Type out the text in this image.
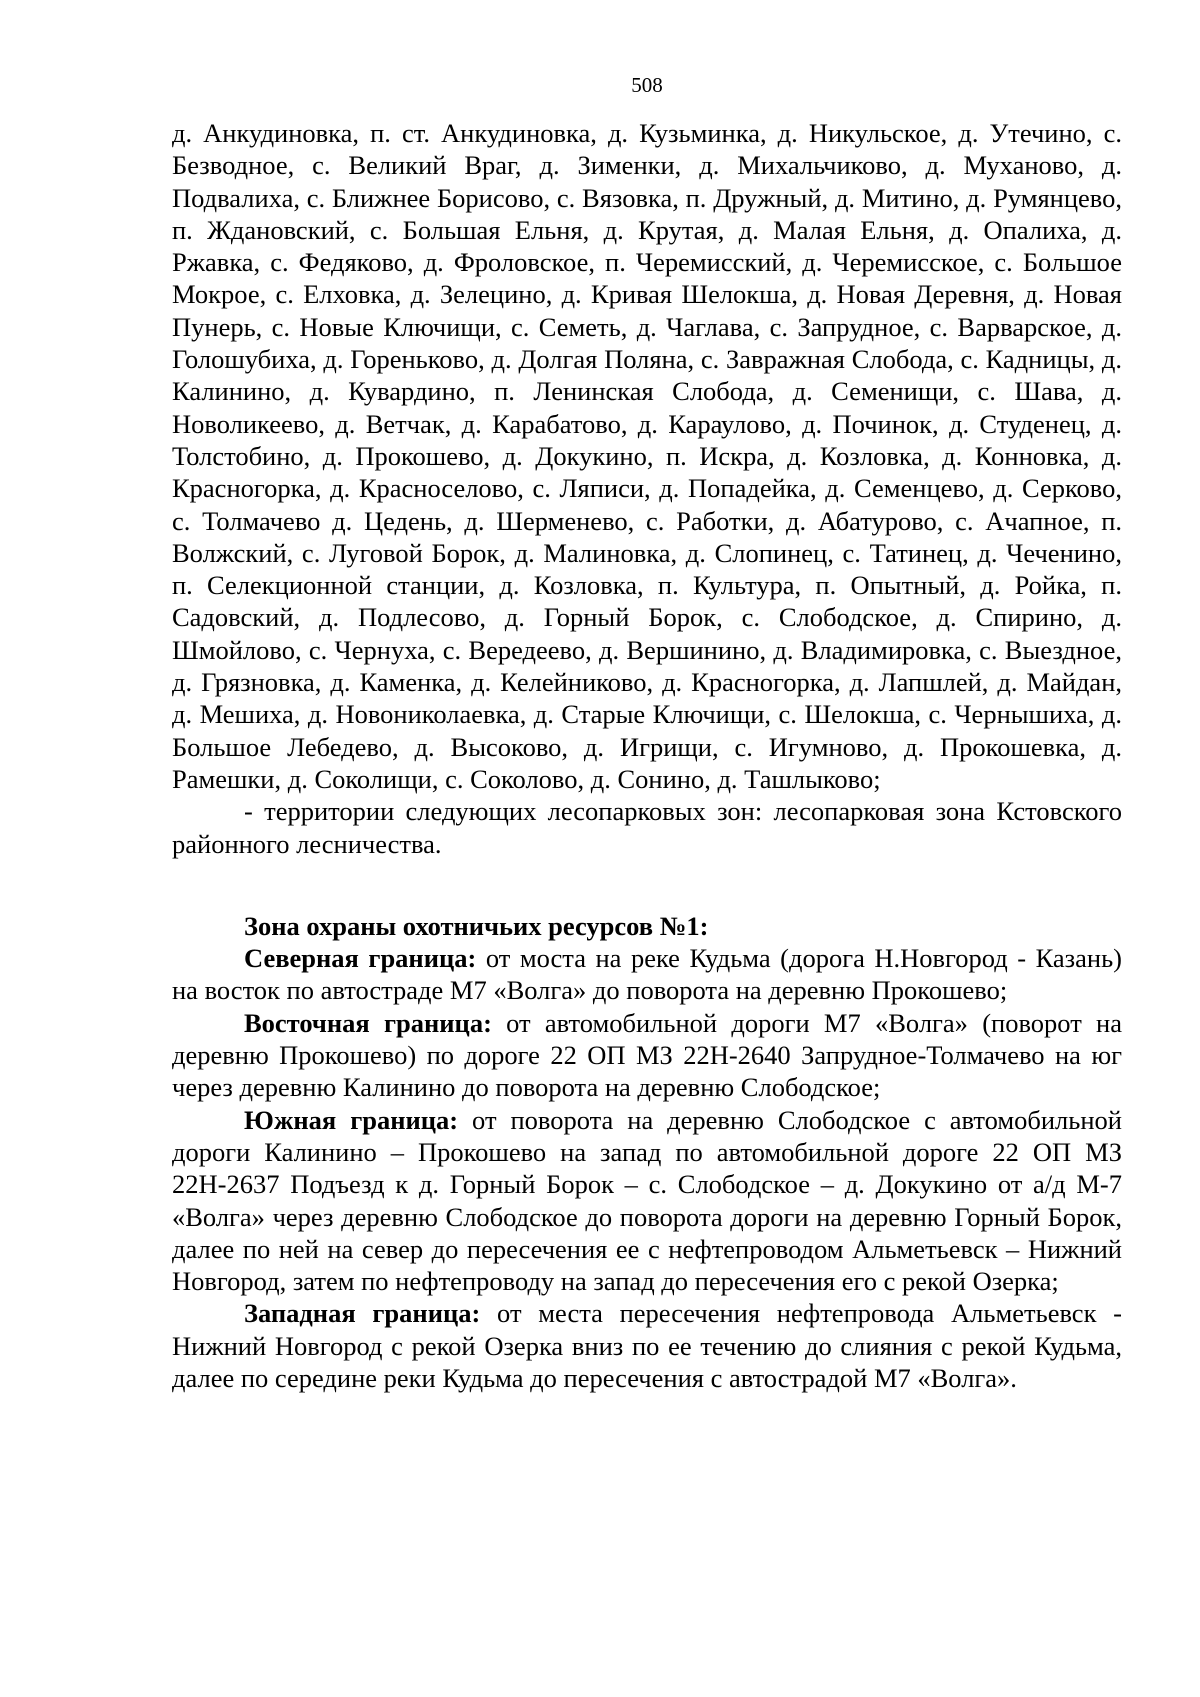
508

д. Анкудиновка, п. ст. Анкудиновка, д. Кузьминка, д. Никульское, д. Утечино, с. Безводное, с. Великий Враг, д. Зименки, д. Михальчиково, д. Муханово, д. Подвалиха, с. Ближнее Борисово, с. Вязовка, п. Дружный, д. Митино, д. Румянцево, п. Ждановский, с. Большая Ельня, д. Крутая, д. Малая Ельня, д. Опалиха, д. Ржавка, с. Федяково, д. Фроловское, п. Черемисский, д. Черемисское, с. Большое Мокрое, с. Елховка, д. Зелецино, д. Кривая Шелокша, д. Новая Деревня, д. Новая Пунерь, с. Новые Ключищи, с. Семеть, д. Чаглава, с. Запрудное, с. Варварское, д. Голошубиха, д. Гореньково, д. Долгая Поляна, с. Завражная Слобода, с. Кадницы, д. Калинино, д. Кувардино, п. Ленинская Слобода, д. Семенищи, с. Шава, д. Новоликеево, д. Ветчак, д. Карабатово, д. Караулово, д. Починок, д. Студенец, д. Толстобино, д. Прокошево, д. Докукино, п. Искра, д. Козловка, д. Конновка, д. Красногорка, д. Красноселово, с. Ляписи, д. Попадейка, д. Семенцево, д. Серково, с. Толмачево д. Цедень, д. Шерменево, с. Работки, д. Абатурово, с. Ачапное, п. Волжский, с. Луговой Борок, д. Малиновка, д. Слопинец, с. Татинец, д. Чеченино, п. Селекционной станции, д. Козловка, п. Культура, п. Опытный, д. Ройка, п. Садовский, д. Подлесово, д. Горный Борок, с. Слободское, д. Спирино, д. Шмойлово, с. Чернуха, с. Вередеево, д. Вершинино, д. Владимировка, с. Выездное, д. Грязновка, д. Каменка, д. Келейниково, д. Красногорка, д. Лапшлей, д. Майдан, д. Мешиха, д. Новониколаевка, д. Старые Ключищи, с. Шелокша, с. Чернышиха, д. Большое Лебедево, д. Высоково, д. Игрищи, с. Игумново, д. Прокошевка, д. Рамешки, д. Соколищи, с. Соколово, д. Сонино, д. Ташлыково;

- территории следующих лесопарковых зон: лесопарковая зона Кстовского районного лесничества.

Зона охраны охотничьих ресурсов №1:

Северная граница: от моста на реке Кудьма (дорога Н.Новгород - Казань) на восток по автостраде М7 «Волга» до поворота на деревню Прокошево;

Восточная граница: от автомобильной дороги М7 «Волга» (поворот на деревню Прокошево) по дороге 22 ОП МЗ 22Н-2640 Запрудное-Толмачево на юг через деревню Калинино до поворота на деревню Слободское;

Южная граница: от поворота на деревню Слободское с автомобильной дороги Калинино – Прокошево на запад по автомобильной дороге 22 ОП МЗ 22Н-2637 Подъезд к д. Горный Борок – с. Слободское – д. Докукино от а/д М-7 «Волга» через деревню Слободское до поворота дороги на деревню Горный Борок, далее по ней на север до пересечения ее с нефтепроводом Альметьевск – Нижний Новгород, затем по нефтепроводу на запад до пересечения его с рекой Озерка;

Западная граница: от места пересечения нефтепровода Альметьевск - Нижний Новгород с рекой Озерка вниз по ее течению до слияния с рекой Кудьма, далее по середине реки Кудьма до пересечения с автострадой М7 «Волга».
